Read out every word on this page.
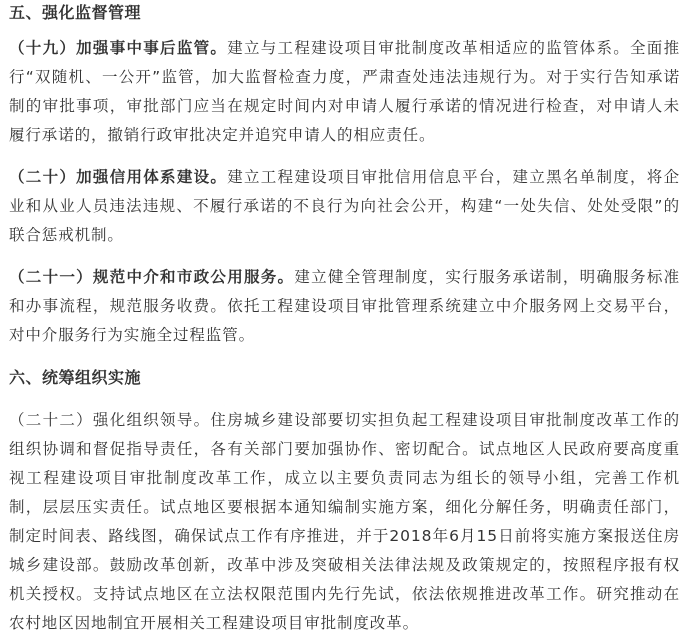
五、强化监督管理

（十九）加强事中事后监管。建立与工程建设项目审批制度改革相适应的监管体系。全面推行“双随机、一公开”监管，加大监督检查力度，严肃查处违法违规行为。对于实行告知承诺制的审批事项，审批部门应当在规定时间内对申请人履行承诺的情况进行检查，对申请人未履行承诺的，撤销行政审批决定并追究申请人的相应责任。

（二十）加强信用体系建设。建立工程建设项目审批信用信息平台，建立黑名单制度，将企业和从业人员违法违规、不履行承诺的不良行为向社会公开，构建“一处失信、处处受限”的联合惩戒机制。

（二十一）规范中介和市政公用服务。建立健全管理制度，实行服务承诺制，明确服务标准和办事流程，规范服务收费。依托工程建设项目审批管理系统建立中介服务网上交易平台，对中介服务行为实施全过程监管。

六、统筹组织实施

（二十二）强化组织领导。住房城乡建设部要切实担负起工程建设项目审批制度改革工作的组织协调和督促指导责任，各有关部门要加强协作、密切配合。试点地区人民政府要高度重视工程建设项目审批制度改革工作，成立以主要负责同志为组长的领导小组，完善工作机制，层层压实责任。试点地区要根据本通知编制实施方案，细化分解任务，明确责任部门，制定时间表、路线图，确保试点工作有序推进，并于2018年6月15日前将实施方案报送住房城乡建设部。鼓励改革创新，改革中涉及突破相关法律法规及政策规定的，按照程序报有权机关授权。支持试点地区在立法权限范围内先行先试，依法依规推进改革工作。研究推动在农村地区因地制宜开展相关工程建设项目审批制度改革。
